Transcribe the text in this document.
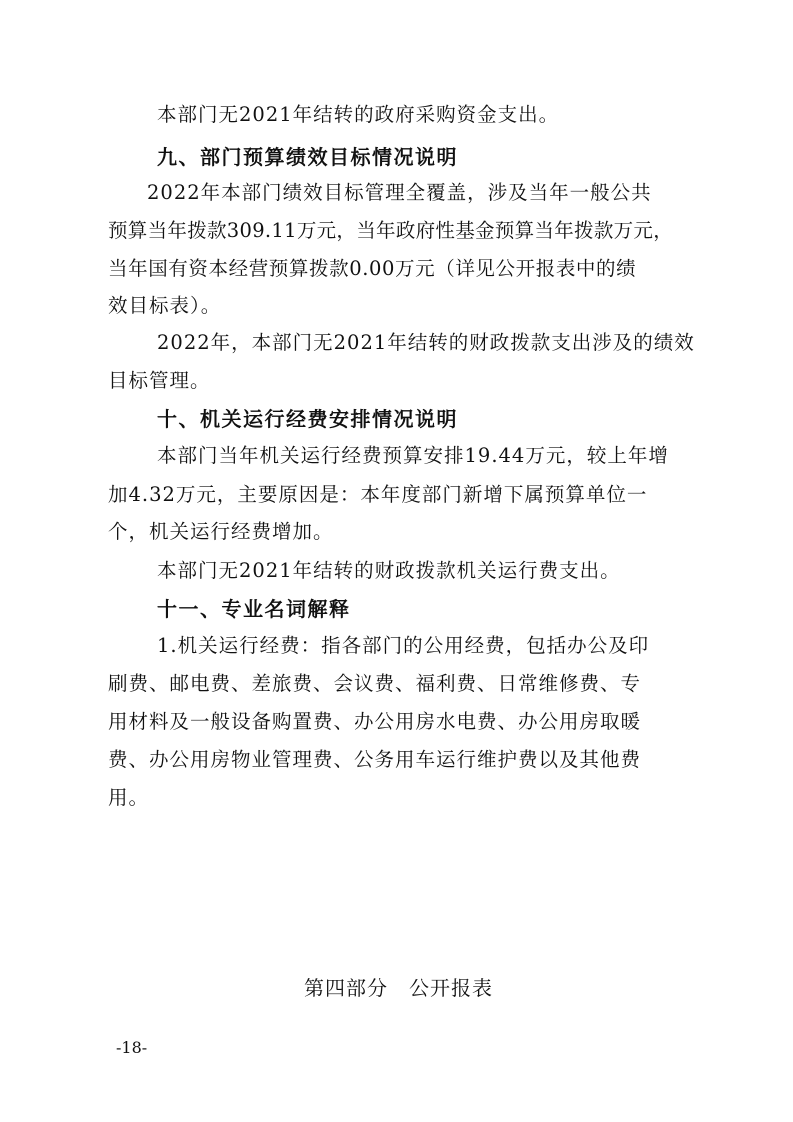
本部门无2021年结转的政府采购资金支出。
九、部门预算绩效目标情况说明
2022年本部门绩效目标管理全覆盖，涉及当年一般公共
预算当年拨款309.11万元，当年政府性基金预算当年拨款万元，
当年国有资本经营预算拨款0.00万元（详见公开报表中的绩
效目标表）。
2022年，本部门无2021年结转的财政拨款支出涉及的绩效
目标管理。
十、机关运行经费安排情况说明
本部门当年机关运行经费预算安排19.44万元，较上年增
加4.32万元，主要原因是：本年度部门新增下属预算单位一
个，机关运行经费增加。
本部门无2021年结转的财政拨款机关运行费支出。
十一、专业名词解释
1.机关运行经费：指各部门的公用经费，包括办公及印
刷费、邮电费、差旅费、会议费、福利费、日常维修费、专
用材料及一般设备购置费、办公用房水电费、办公用房取暖
费、办公用房物业管理费、公务用车运行维护费以及其他费
用。
第四部分　公开报表
-18-
